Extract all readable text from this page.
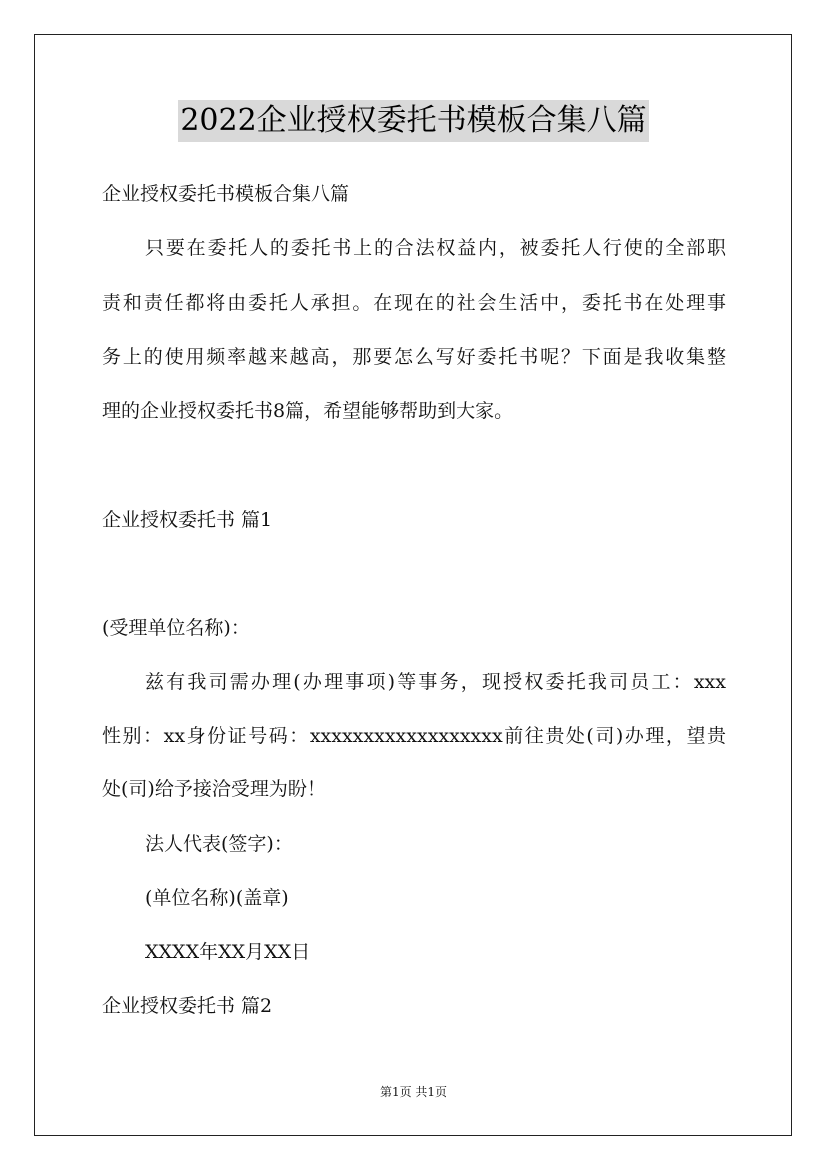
2022企业授权委托书模板合集八篇
企业授权委托书模板合集八篇
只要在委托人的委托书上的合法权益内，被委托人行使的全部职
责和责任都将由委托人承担。在现在的社会生活中，委托书在处理事
务上的使用频率越来越高，那要怎么写好委托书呢？下面是我收集整
理的企业授权委托书8篇，希望能够帮助到大家。
企业授权委托书 篇1
(受理单位名称)：
兹有我司需办理(办理事项)等事务，现授权委托我司员工：xxx
性别：xx身份证号码：xxxxxxxxxxxxxxxxxx前往贵处(司)办理，望贵
处(司)给予接洽受理为盼！
法人代表(签字)：
(单位名称)(盖章)
XXXX年XX月XX日
企业授权委托书 篇2
第1页 共1页
